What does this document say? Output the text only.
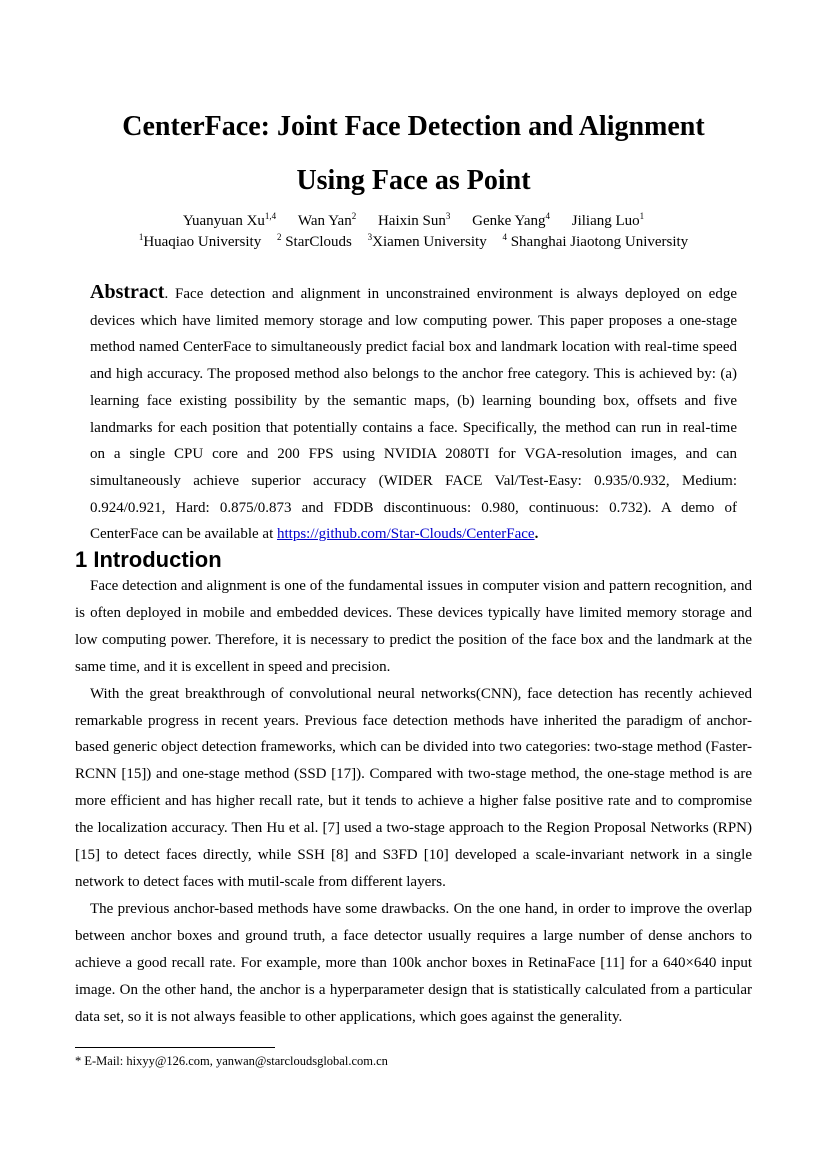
CenterFace: Joint Face Detection and Alignment
Using Face as Point
Yuanyuan Xu$^{1,4}$ Wan Yan$^2$ Haixin Sun$^3$ Genke Yang$^4$ Jiliang Luo$^1$
$^1$Huaqiao University $^2$ StarClouds $^3$Xiamen University $^4$ Shanghai Jiaotong University
Abstract. Face detection and alignment in unconstrained environment is always deployed on edge devices which have limited memory storage and low computing power. This paper proposes a one-stage method named CenterFace to simultaneously predict facial box and landmark location with real-time speed and high accuracy. The proposed method also belongs to the anchor free category. This is achieved by: (a) learning face existing possibility by the semantic maps, (b) learning bounding box, offsets and five landmarks for each position that potentially contains a face. Specifically, the method can run in real-time on a single CPU core and 200 FPS using NVIDIA 2080TI for VGA-resolution images, and can simultaneously achieve superior accuracy (WIDER FACE Val/Test-Easy: 0.935/0.932, Medium: 0.924/0.921, Hard: 0.875/0.873 and FDDB discontinuous: 0.980, continuous: 0.732). A demo of CenterFace can be available at https://github.com/Star-Clouds/CenterFace.
1 Introduction

Face detection and alignment is one of the fundamental issues in computer vision and pattern recognition, and is often deployed in mobile and embedded devices. These devices typically have limited memory storage and low computing power. Therefore, it is necessary to predict the position of the face box and the landmark at the same time, and it is excellent in speed and precision.

With the great breakthrough of convolutional neural networks(CNN), face detection has recently achieved remarkable progress in recent years. Previous face detection methods have inherited the paradigm of anchor-based generic object detection frameworks, which can be divided into two categories: two-stage method (Faster-RCNN [15]) and one-stage method (SSD [17]). Compared with two-stage method, the one-stage method is are more efficient and has higher recall rate, but it tends to achieve a higher false positive rate and to compromise the localization accuracy. Then Hu et al. [7] used a two-stage approach to the Region Proposal Networks (RPN) [15] to detect faces directly, while SSH [8] and S3FD [10] developed a scale-invariant network in a single network to detect faces with mutil-scale from different layers.

The previous anchor-based methods have some drawbacks. On the one hand, in order to improve the overlap between anchor boxes and ground truth, a face detector usually requires a large number of dense anchors to achieve a good recall rate. For example, more than 100k anchor boxes in RetinaFace [11] for a 640×640 input image. On the other hand, the anchor is a hyperparameter design that is statistically calculated from a particular data set, so it is not always feasible to other applications, which goes against the generality.

* E-Mail: hixyy@126.com, yanwan@starcloudsglobal.com.cn
